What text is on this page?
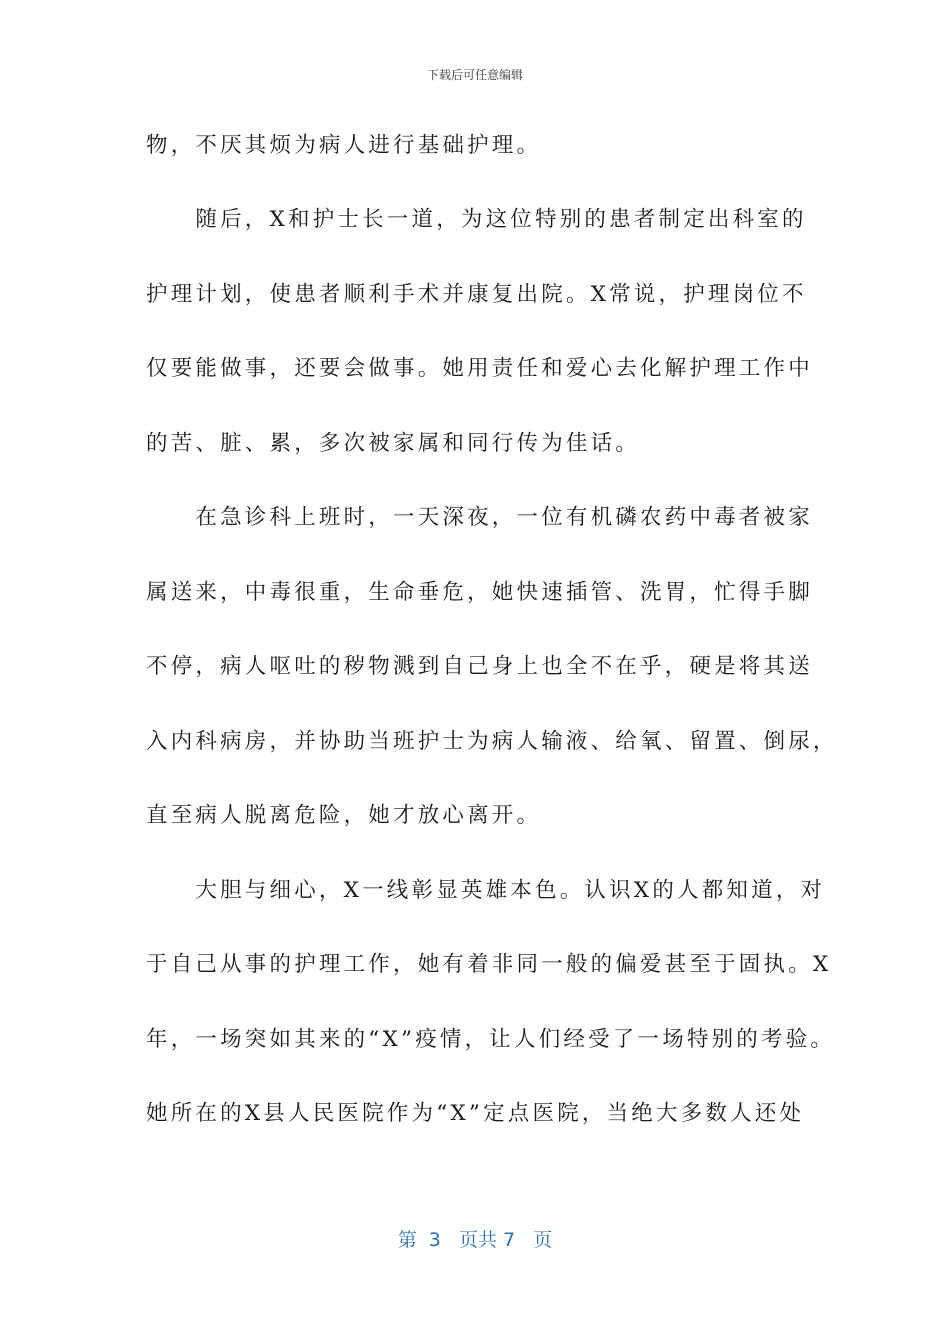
下载后可任意编辑
物，不厌其烦为病人进行基础护理。
　　随后，X和护士长一道，为这位特别的患者制定出科室的
护理计划，使患者顺利手术并康复出院。X常说，护理岗位不
仅要能做事，还要会做事。她用责任和爱心去化解护理工作中
的苦、脏、累，多次被家属和同行传为佳话。
　　在急诊科上班时，一天深夜，一位有机磷农药中毒者被家
属送来，中毒很重，生命垂危，她快速插管、洗胃，忙得手脚
不停，病人呕吐的秽物溅到自己身上也全不在乎，硬是将其送
入内科病房，并协助当班护士为病人输液、给氧、留置、倒尿，
直至病人脱离危险，她才放心离开。
　　大胆与细心，X一线彰显英雄本色。认识X的人都知道，对
于自己从事的护理工作，她有着非同一般的偏爱甚至于固执。X
年，一场突如其来的“X”疫情，让人们经受了一场特别的考验。
她所在的X县人民医院作为“X”定点医院，当绝大多数人还处
第  3   页共 7   页
